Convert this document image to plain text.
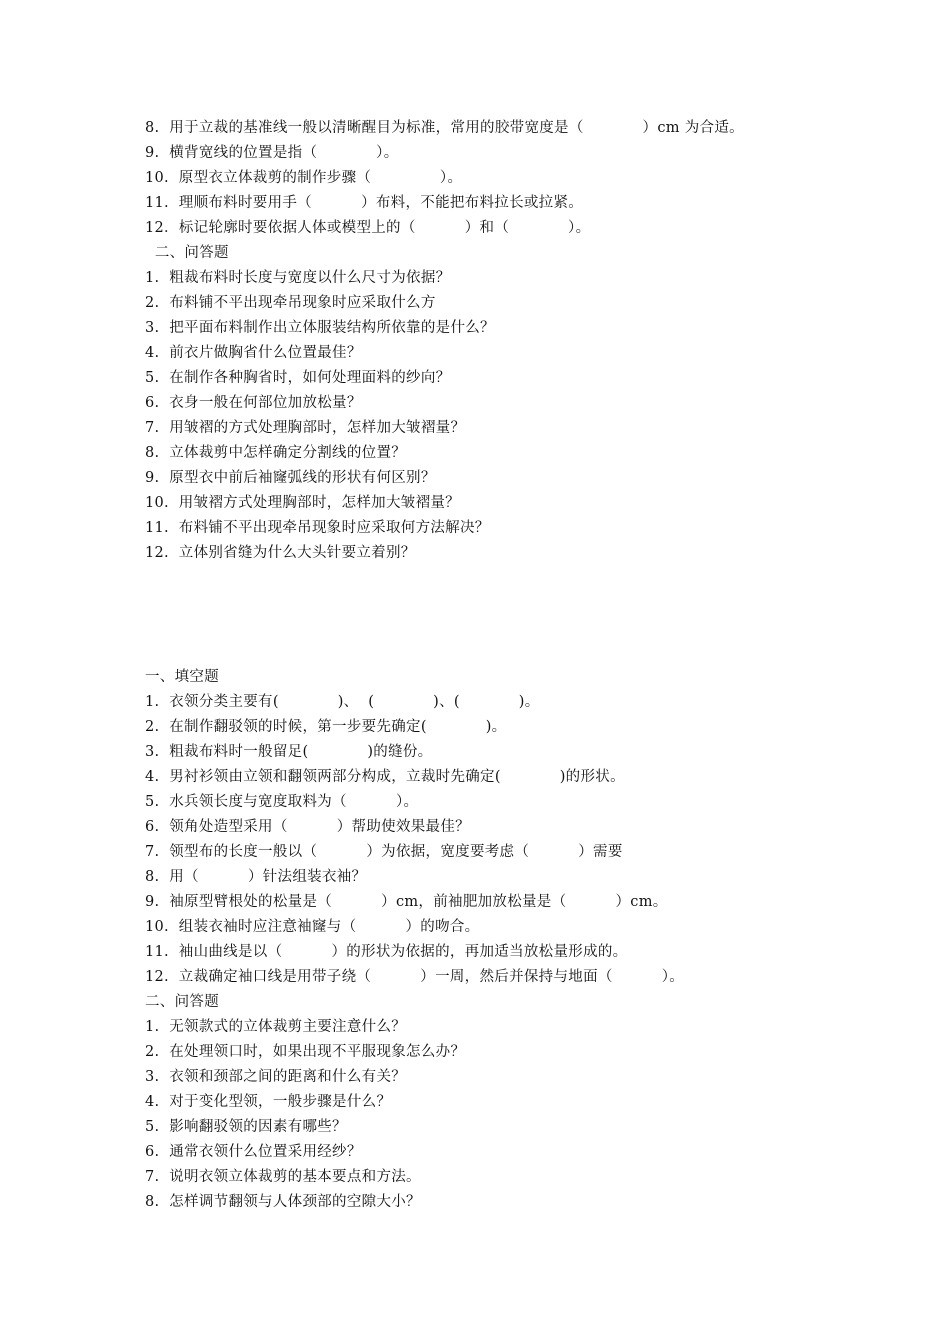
8.  用于立裁的基准线一般以清晰醒目为标准，常用的胶带宽度是（            ）cm 为合适。
9.  横背宽线的位置是指（            ）。
10.  原型衣立体裁剪的制作步骤（              ）。
11.  理顺布料时要用手（          ）布料，不能把布料拉长或拉紧。
12．标记轮廓时要依据人体或模型上的（          ）和（            ）。
二、问答题
1.  粗裁布料时长度与宽度以什么尺寸为依据？
2.  布料铺不平出现牵吊现象时应采取什么方
3.  把平面布料制作出立体服装结构所依靠的是什么？
4.  前衣片做胸省什么位置最佳？
5.  在制作各种胸省时，如何处理面料的纱向？
6.  衣身一般在何部位加放松量？
7.  用皱褶的方式处理胸部时，怎样加大皱褶量？
8.  立体裁剪中怎样确定分割线的位置？
9.  原型衣中前后袖窿弧线的形状有何区别？
10.  用皱褶方式处理胸部时，怎样加大皱褶量？
11.  布料铺不平出现牵吊现象时应采取何方法解决？
12.  立体别省缝为什么大头针要立着别？
一、填空题
1.  衣领分类主要有(            )、  (            )、(            )。
2.  在制作翻驳领的时候，第一步要先确定(            )。
3.  粗裁布料时一般留足(            )的缝份。
4.  男衬衫领由立领和翻领两部分构成，立裁时先确定(            )的形状。
5.  水兵领长度与宽度取料为（          ）。
6.  领角处造型采用（          ）帮助使效果最佳？
7.  领型布的长度一般以（          ）为依据，宽度要考虑（          ）需要
8.  用（          ）针法组装衣袖？
9.  袖原型臂根处的松量是（          ）cm，前袖肥加放松量是（          ）cm。
10.  组装衣袖时应注意袖窿与（          ）的吻合。
11.  袖山曲线是以（          ）的形状为依据的，再加适当放松量形成的。
12.  立裁确定袖口线是用带子绕（          ）一周，然后并保持与地面（          ）。
二、问答题
1.  无领款式的立体裁剪主要注意什么？
2.  在处理领口时，如果出现不平服现象怎么办？
3.  衣领和颈部之间的距离和什么有关？
4.  对于变化型领，一般步骤是什么？
5.  影响翻驳领的因素有哪些？
6.  通常衣领什么位置采用经纱？
7.  说明衣领立体裁剪的基本要点和方法。
8.  怎样调节翻领与人体颈部的空隙大小？
